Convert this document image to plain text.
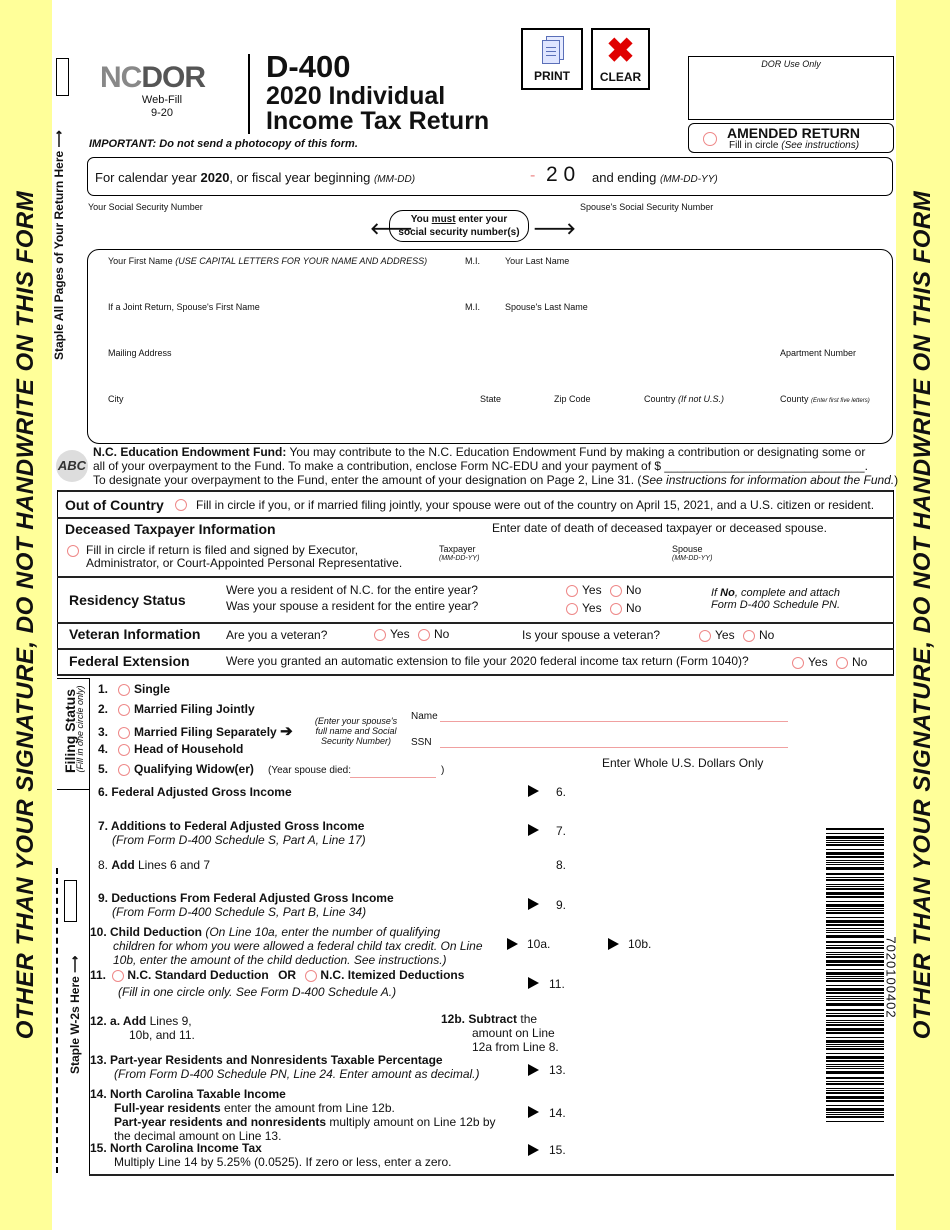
OTHER THAN YOUR SIGNATURE, DO NOT HANDWRITE ON THIS FORM	OTHER THAN YOUR SIGNATURE, DO NOT HANDWRITE ON THIS FORM
Staple All Pages of Your Return Here ⟶
Staple W-2s Here ⟶
NCDOR
Web-Fill
9-20
D-400
2020 Individual
Income Tax Return
IMPORTANT: Do not send a photocopy of this form.
PRINT
✖
CLEAR
DOR Use Only
AMENDED RETURN
Fill in circle (See instructions)
For calendar year 2020, or fiscal year beginning (MM-DD)	- 2 0 and ending (MM-DD-YY)
Your Social Security Number	Spouse's Social Security Number
🡐
You must enter your
social security number(s) 🡒
Your First Name (USE CAPITAL LETTERS FOR YOUR NAME AND ADDRESS)	M.I.	Your Last Name
If a Joint Return, Spouse's First Name	M.I.	Spouse's Last Name
Mailing Address	Apartment Number
City	State	Zip Code	Country (If not U.S.)	County (Enter first five letters)
ABC
N.C. Education Endowment Fund: You may contribute to the N.C. Education Endowment Fund by making a contribution or designating some or
all of your overpayment to the Fund. To make a contribution, enclose Form NC-EDU and your payment of $ ______________________________.
To designate your overpayment to the Fund, enter the amount of your designation on Page 2, Line 31. (See instructions for information about the Fund.)
Out of Country	Fill in circle if you, or if married filing jointly, your spouse were out of the country on April 15, 2021, and a U.S. citizen or resident.
Deceased Taxpayer Information	Enter date of death of deceased taxpayer or deceased spouse.
Fill in circle if return is filed and signed by Executor,
Administrator, or Court-Appointed Personal Representative.
Taxpayer
(MM-DD-YY)
Spouse
(MM-DD-YY)
Residency Status
Were you a resident of N.C. for the entire year?
Was your spouse a resident for the entire year?
Yes	No
Yes	No
If No, complete and attach
Form D-400 Schedule PN.
Veteran Information Are you a veteran?	Yes	No	Is your spouse a veteran?	Yes	No
Federal Extension	Were you granted an automatic extension to file your 2020 federal income tax return (Form 1040)?	Yes	No
Filing Status
(Fill in one circle only) 1. Single
2. Married Filing Jointly
3. Married Filing Separately ➔
4. Head of Household
5. Qualifying Widow(er) (Year spouse died:	)
(Enter your spouse's
full name and Social
Security Number)
Name
SSN
Enter Whole U.S. Dollars Only
6. Federal Adjusted Gross Income	6.
7. Additions to Federal Adjusted Gross Income
(From Form D-400 Schedule S, Part A, Line 17)
7.
8. Add Lines 6 and 7	8.
9. Deductions From Federal Adjusted Gross Income
(From Form D-400 Schedule S, Part B, Line 34)	9.
10. Child Deduction (On Line 10a, enter the number of qualifying
children for whom you were allowed a federal child tax credit. On Line
10b, enter the amount of the child deduction. See instructions.)
10a.	10b.
11. N.C. Standard Deduction OR N.C. Itemized Deductions
(Fill in one circle only. See Form D-400 Schedule A.)
11.
12. a. Add Lines 9,
10b, and 11.
12b. Subtract the
amount on Line
12a from Line 8.
13. Part-year Residents and Nonresidents Taxable Percentage
(From Form D-400 Schedule PN, Line 24. Enter amount as decimal.)	13.
14. North Carolina Taxable Income
Full-year residents enter the amount from Line 12b.
Part-year residents and nonresidents multiply amount on Line 12b by
the decimal amount on Line 13.
14.
15. North Carolina Income Tax
Multiply Line 14 by 5.25% (0.0525). If zero or less, enter a zero.
15.
7020100402
